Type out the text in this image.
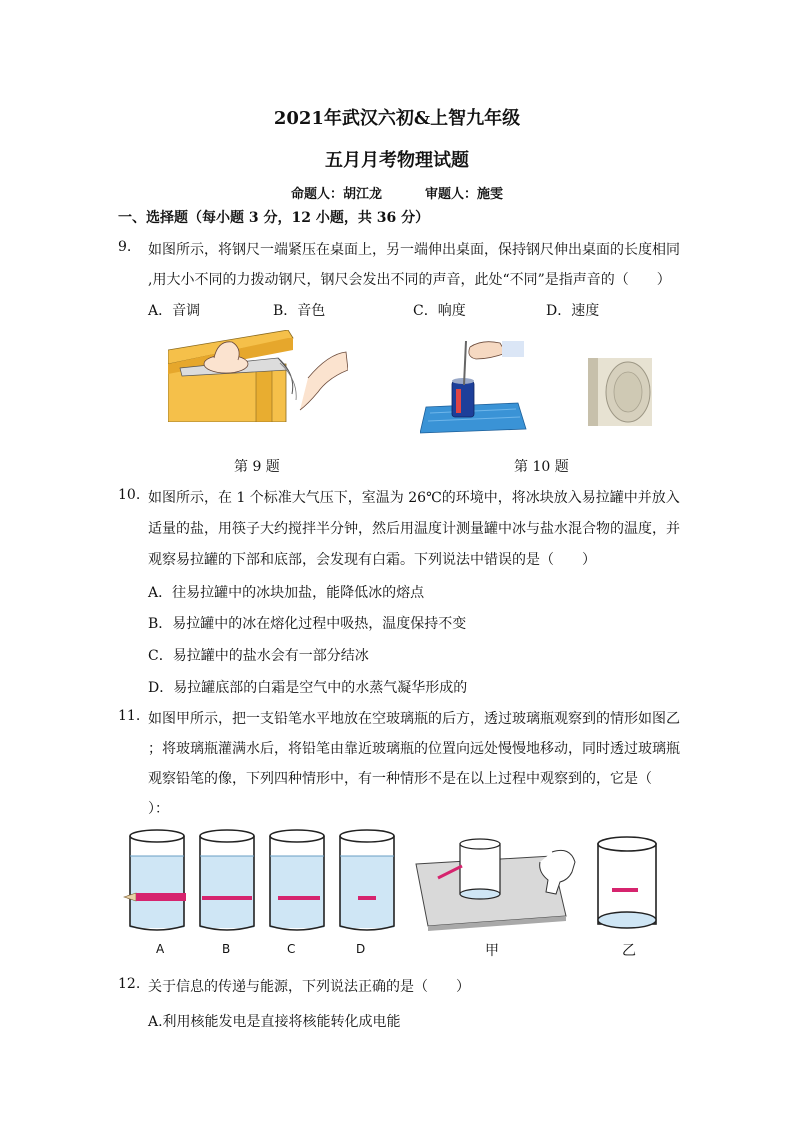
2021年武汉六初&上智九年级
五月月考物理试题
命题人：胡江龙	审题人：施雯
一、选择题（每小题 3 分，12 小题，共 36 分）
9. 如图所示，将钢尺一端紧压在桌面上，另一端伸出桌面，保持钢尺伸出桌面的长度相同
,用大小不同的力拨动钢尺，钢尺会发出不同的声音，此处“不同”是指声音的（　　）
A．音调	B．音色	C．响度	D．速度
第 9 题	第 10 题
10. 如图所示，在 1 个标准大气压下，室温为 26℃的环境中，将冰块放入易拉罐中并放入
适量的盐，用筷子大约搅拌半分钟，然后用温度计测量罐中冰与盐水混合物的温度，并
观察易拉罐的下部和底部，会发现有白霜。下列说法中错误的是（　　）
A．往易拉罐中的冰块加盐，能降低冰的熔点
B．易拉罐中的冰在熔化过程中吸热，温度保持不变
C．易拉罐中的盐水会有一部分结冰
D．易拉罐底部的白霜是空气中的水蒸气凝华形成的
11. 如图甲所示，把一支铅笔水平地放在空玻璃瓶的后方，透过玻璃瓶观察到的情形如图乙
；将玻璃瓶灌满水后，将铅笔由靠近玻璃瓶的位置向远处慢慢地移动，同时透过玻璃瓶
观察铅笔的像，下列四种情形中，有一种情形不是在以上过程中观察到的，它是（
）：
A	B	C	D	甲	乙
12. 关于信息的传递与能源，下列说法正确的是（　　）
A.利用核能发电是直接将核能转化成电能
